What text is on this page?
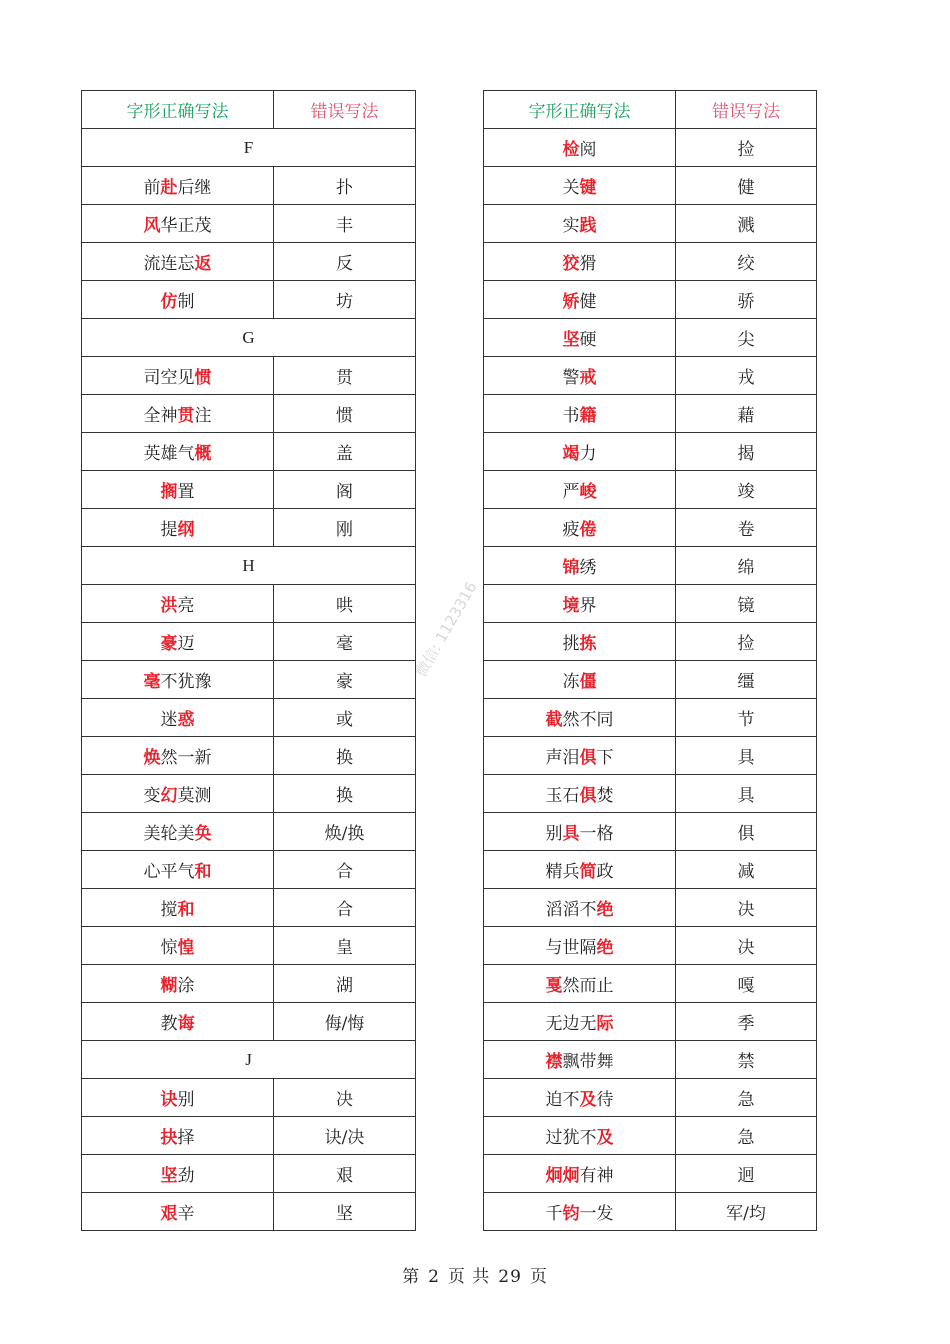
微信: 1123316
字形正确写法	错误写法
F	
前赴后继	扑
风华正茂	丰
流连忘返	反
仿制	坊
G	
司空见惯	贯
全神贯注	惯
英雄气概	盖
搁置	阁
提纲	刚
H	
洪亮	哄
豪迈	毫
毫不犹豫	豪
迷惑	或
焕然一新	换
变幻莫测	换
美轮美奂	焕/换
心平气和	合
搅和	合
惊惶	皇
糊涂	湖
教诲	侮/悔
J	
诀别	决
抉择	诀/决
坚劲	艰
艰辛	坚
字形正确写法	错误写法
检阅	捡
关键	健
实践	溅
狡猾	绞
矫健	骄
坚硬	尖
警戒	戎
书籍	藉
竭力	揭
严峻	竣
疲倦	卷
锦绣	绵
境界	镜
挑拣	捡
冻僵	缰
截然不同	节
声泪俱下	具
玉石俱焚	具
别具一格	俱
精兵简政	减
滔滔不绝	决
与世隔绝	决
戛然而止	嘎
无边无际	季
襟飘带舞	禁
迫不及待	急
过犹不及	急
炯炯有神	迥
千钧一发	军/均
第 2 页 共 29 页
